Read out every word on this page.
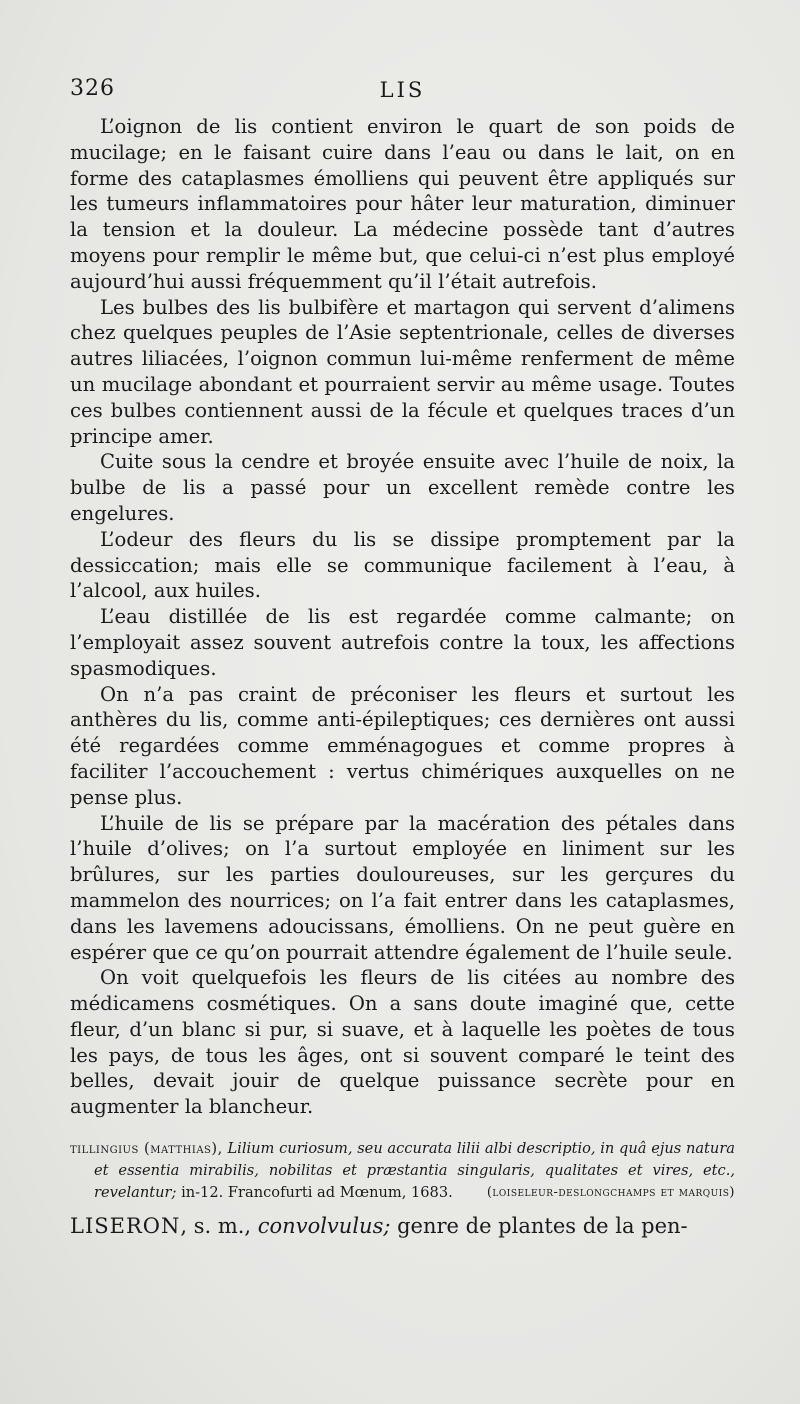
326	LIS

L’oignon de lis contient environ le quart de son poids de mucilage; en le faisant cuire dans l’eau ou dans le lait, on en forme des cataplasmes émolliens qui peuvent être appliqués sur les tumeurs inflammatoires pour hâter leur maturation, diminuer la tension et la douleur. La médecine possède tant d’autres moyens pour remplir le même but, que celui-ci n’est plus employé aujourd’hui aussi fréquemment qu’il l’était autrefois.

Les bulbes des lis bulbifère et martagon qui servent d’alimens chez quelques peuples de l’Asie septentrionale, celles de diverses autres liliacées, l’oignon commun lui-même renferment de même un mucilage abondant et pourraient servir au même usage. Toutes ces bulbes contiennent aussi de la fécule et quelques traces d’un principe amer.

Cuite sous la cendre et broyée ensuite avec l’huile de noix, la bulbe de lis a passé pour un excellent remède contre les engelures.

L’odeur des fleurs du lis se dissipe promptement par la dessiccation; mais elle se communique facilement à l’eau, à l’alcool, aux huiles.

L’eau distillée de lis est regardée comme calmante; on l’employait assez souvent autrefois contre la toux, les affections spasmodiques.

On n’a pas craint de préconiser les fleurs et surtout les anthères du lis, comme anti-épileptiques; ces dernières ont aussi été regardées comme emménagogues et comme propres à faciliter l’accouchement : vertus chimériques auxquelles on ne pense plus.

L’huile de lis se prépare par la macération des pétales dans l’huile d’olives; on l’a surtout employée en liniment sur les brûlures, sur les parties douloureuses, sur les gerçures du mammelon des nourrices; on l’a fait entrer dans les cataplasmes, dans les lavemens adoucissans, émolliens. On ne peut guère en espérer que ce qu’on pourrait attendre également de l’huile seule.

On voit quelquefois les fleurs de lis citées au nombre des médicamens cosmétiques. On a sans doute imaginé que, cette fleur, d’un blanc si pur, si suave, et à laquelle les poètes de tous les pays, de tous les âges, ont si souvent comparé le teint des belles, devait jouir de quelque puissance secrète pour en augmenter la blancheur.

tillingius (matthias), Lilium curiosum, seu accurata lilii albi descriptio, in quâ ejus natura et essentia mirabilis, nobilitas et præstantia singularis, qualitates et vires, etc., revelantur; in-12. Francofurti ad Mœnum, 1683.	(loiseleur-deslongchamps et marquis)
LISERON, s. m., convolvulus; genre de plantes de la pen-
